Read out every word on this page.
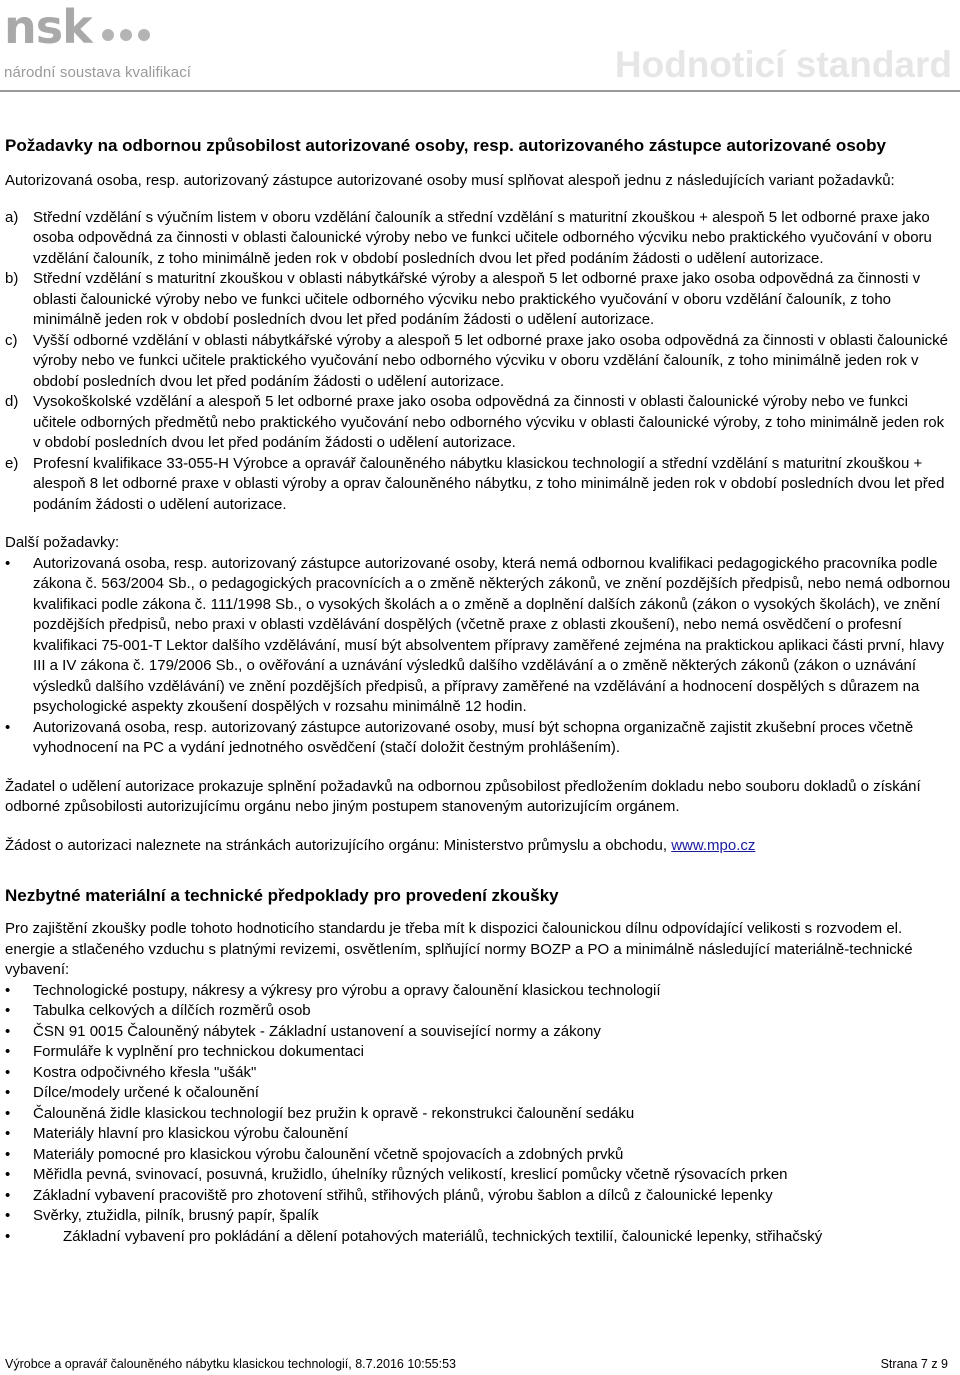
nsk
národní soustava kvalifikací	Hodnoticí standard
Požadavky na odbornou způsobilost autorizované osoby, resp. autorizovaného zástupce autorizované osoby

Autorizovaná osoba, resp. autorizovaný zástupce autorizované osoby musí splňovat alespoň jednu z následujících variant požadavků:

a) Střední vzdělání s výučním listem v oboru vzdělání čalouník a střední vzdělání s maturitní zkouškou + alespoň 5 let odborné praxe jako osoba odpovědná za činnosti v oblasti čalounické výroby nebo ve funkci učitele odborného výcviku nebo praktického vyučování v oboru vzdělání čalouník, z toho minimálně jeden rok v období posledních dvou let před podáním žádosti o udělení autorizace.
b) Střední vzdělání s maturitní zkouškou v oblasti nábytkářské výroby a alespoň 5 let odborné praxe jako osoba odpovědná za činnosti v oblasti čalounické výroby nebo ve funkci učitele odborného výcviku nebo praktického vyučování v oboru vzdělání čalouník, z toho minimálně jeden rok v období posledních dvou let před podáním žádosti o udělení autorizace.
c) Vyšší odborné vzdělání v oblasti nábytkářské výroby a alespoň 5 let odborné praxe jako osoba odpovědná za činnosti v oblasti čalounické výroby nebo ve funkci učitele praktického vyučování nebo odborného výcviku v oboru vzdělání čalouník, z toho minimálně jeden rok v období posledních dvou let před podáním žádosti o udělení autorizace.
d) Vysokoškolské vzdělání a alespoň 5 let odborné praxe jako osoba odpovědná za činnosti v oblasti čalounické výroby nebo ve funkci učitele odborných předmětů nebo praktického vyučování nebo odborného výcviku v oblasti čalounické výroby, z toho minimálně jeden rok v období posledních dvou let před podáním žádosti o udělení autorizace.
e) Profesní kvalifikace 33-055-H Výrobce a opravář čalouněného nábytku klasickou technologií a střední vzdělání s maturitní zkouškou + alespoň 8 let odborné praxe v oblasti výroby a oprav čalouněného nábytku, z toho minimálně jeden rok v období posledních dvou let před podáním žádosti o udělení autorizace.

Další požadavky:

• Autorizovaná osoba, resp. autorizovaný zástupce autorizované osoby, která nemá odbornou kvalifikaci pedagogického pracovníka podle zákona č. 563/2004 Sb., o pedagogických pracovnících a o změně některých zákonů, ve znění pozdějších předpisů, nebo nemá odbornou kvalifikaci podle zákona č. 111/1998 Sb., o vysokých školách a o změně a doplnění dalších zákonů (zákon o vysokých školách), ve znění pozdějších předpisů, nebo praxi v oblasti vzdělávání dospělých (včetně praxe z oblasti zkoušení), nebo nemá osvědčení o profesní kvalifikaci 75-001-T Lektor dalšího vzdělávání, musí být absolventem přípravy zaměřené zejména na praktickou aplikaci části první, hlavy III a IV zákona č. 179/2006 Sb., o ověřování a uznávání výsledků dalšího vzdělávání a o změně některých zákonů (zákon o uznávání výsledků dalšího vzdělávání) ve znění pozdějších předpisů, a přípravy zaměřené na vzdělávání a hodnocení dospělých s důrazem na psychologické aspekty zkoušení dospělých v rozsahu minimálně 12 hodin.
• Autorizovaná osoba, resp. autorizovaný zástupce autorizované osoby, musí být schopna organizačně zajistit zkušební proces včetně vyhodnocení na PC a vydání jednotného osvědčení (stačí doložit čestným prohlášením).

Žadatel o udělení autorizace prokazuje splnění požadavků na odbornou způsobilost předložením dokladu nebo souboru dokladů o získání odborné způsobilosti autorizujícímu orgánu nebo jiným postupem stanoveným autorizujícím orgánem.

Žádost o autorizaci naleznete na stránkách autorizujícího orgánu: Ministerstvo průmyslu a obchodu, www.mpo.cz

Nezbytné materiální a technické předpoklady pro provedení zkoušky

Pro zajištění zkoušky podle tohoto hodnoticího standardu je třeba mít k dispozici čalounickou dílnu odpovídající velikosti s rozvodem el. energie a stlačeného vzduchu s platnými revizemi, osvětlením, splňující normy BOZP a PO a minimálně následující materiálně-technické vybavení:

• Technologické postupy, nákresy a výkresy pro výrobu a opravy čalounění klasickou technologií
• Tabulka celkových a dílčích rozměrů osob
• ČSN 91 0015 Čalouněný nábytek - Základní ustanovení a související normy a zákony
• Formuláře k vyplnění pro technickou dokumentaci
• Kostra odpočivného křesla "ušák"
• Dílce/modely určené k očalounění
• Čalouněná židle klasickou technologií bez pružin k opravě - rekonstrukci čalounění sedáku
• Materiály hlavní pro klasickou výrobu čalounění
• Materiály pomocné pro klasickou výrobu čalounění včetně spojovacích a zdobných prvků
• Měřidla pevná, svinovací, posuvná, kružidlo, úhelníky různých velikostí, kreslicí pomůcky včetně rýsovacích prken
• Základní vybavení pracoviště pro zhotovení střihů, střihových plánů, výrobu šablon a dílců z čalounické lepenky
• Svěrky, ztužidla, pilník, brusný papír, špalík
• Základní vybavení pro pokládání a dělení potahových materiálů, technických textilií, čalounické lepenky, střihačský
Výrobce a opravář čalouněného nábytku klasickou technologií, 8.7.2016 10:55:53	Strana 7 z 9
